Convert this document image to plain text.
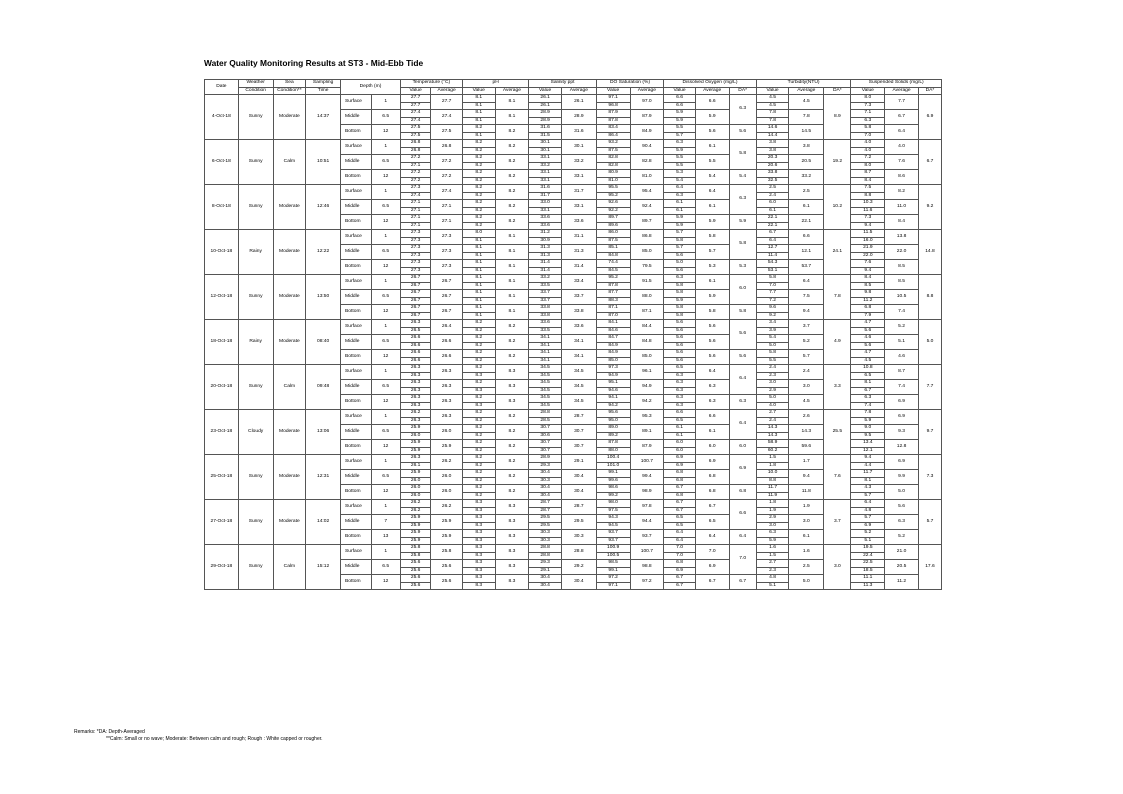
Water Quality Monitoring Results at ST3 - Mid-Ebb Tide
Date	Weather	Sea	Sampling	Depth (m)		Temperature (°C)		pH		Salinity ppt		DO Saturation (%)		Dissolved Oxygen (mg/L)			Turbidity(NTU)			Suspended Solids (mg/L)		
	Condition	Condition**	Time			Value	Average	Value	Average	Value	Average	Value	Average	Value	Average	DA*	Value	Average	DA*	Value	Average	DA*
4-Oct-18	Sunny	Moderate	14:37	Surface	1	27.7	27.7	8.1	8.1	26.1	26.1	97.1	97.0	6.6	6.6	6.3	4.5	4.5	8.9	8.0	7.7	6.9
						27.7		8.1		26.1		96.8		6.6			4.5			7.3		
				Middle	6.5	27.4	27.4	8.1	8.1	28.9	28.9	87.9	87.9	5.9	5.9		7.8	7.8		7.1	6.7	
						27.4		8.1		28.9		87.8		5.9			7.8			6.3		
				Bottom	12	27.5	27.5	8.2	8.2	31.6	31.6	83.4	84.9	5.5	5.6	5.6	14.6	14.5		5.8	6.4	
						27.5		8.1		31.5		86.4		5.7			14.4			7.0		
6-Oct-18	Sunny	Calm	10:51	Surface	1	26.8	26.8	8.2	8.2	30.1	30.1	93.2	90.4	6.3	6.1	5.8	3.8	3.8	19.2	4.0	4.0	6.7
						26.8		8.2		30.1		87.5		5.9			3.8			4.0		
				Middle	6.5	27.2	27.2	8.2	8.2	33.1	33.2	82.8	82.8	5.5	5.5		20.3	20.5		7.2	7.6	
						27.1		8.2		33.2		82.8		5.5			20.6			8.0		
				Bottom	12	27.2	27.2	8.2	8.2	33.1	33.1	80.9	81.0	5.3	5.4	5.4	33.8	33.2		8.7	8.6	
						27.2		8.2		33.1		81.0		5.4			32.5			8.4		
8-Oct-18	Sunny	Moderate	12:46	Surface	1	27.3	27.4	8.2	8.2	31.6	31.7	95.5	95.4	6.4	6.4	6.3	2.5	2.5	10.2	7.5	8.2	9.2
						27.4		8.2		31.7		95.2		6.3			2.4			8.8		
				Middle	6.5	27.1	27.1	8.2	8.2	33.0	33.1	92.6	92.4	6.1	6.1		6.0	6.1		10.3	11.0	
						27.1		8.2		33.1		92.2		6.1			6.1			11.6		
				Bottom	12	27.1	27.1	8.2	8.2	33.6	33.6	89.7	89.7	5.9	5.9	5.9	22.1	22.1		7.3	8.4	
						27.1		8.2		33.6		89.6		5.9			22.1			9.4		
10-Oct-18	Rainy	Moderate	12:22	Surface	1	27.3	27.3	8.0	8.1	31.2	31.1	86.0	86.8	5.7	5.8	5.8	6.7	6.6	24.1	11.5	13.8	14.8
						27.3		8.1		30.9		87.5		5.8			6.4			16.0		
				Middle	6.5	27.3	27.3	8.1	8.1	31.3	31.3	85.1	85.0	5.7	5.7		12.7	12.1		21.9	22.0	
						27.3		8.1		31.3		84.8		5.6			11.4			22.0		
				Bottom	12	27.3	27.3	8.1	8.1	31.4	31.4	74.4	79.5	5.0	5.3	5.3	54.3	53.7		7.6	8.5	
						27.3		8.1		31.4		84.5		5.6			53.1			9.4		
12-Oct-18	Sunny	Moderate	13:50	Surface	1	26.7	26.7	8.1	8.1	33.2	33.4	95.2	91.5	6.3	6.1	6.0	5.8	6.4	7.8	8.4	8.5	8.8
						26.7		8.1		33.5		87.8		5.8			7.0			8.5		
				Middle	6.5	26.7	26.7	8.1	8.1	33.7	33.7	87.7	88.0	5.8	5.9		7.7	7.5		9.8	10.5	
						26.7		8.1		33.7		88.3		5.9			7.2			11.2		
				Bottom	12	26.7	26.7	8.1	8.1	33.8	33.8	87.1	87.1	5.8	5.8	5.8	9.6	9.4		6.8	7.4	
						26.7		8.1		33.8		87.0		5.8			9.2			7.9		
18-Oct-18	Rainy	Moderate	08:40	Surface	1	26.3	26.4	8.2	8.2	33.6	33.6	84.1	84.4	5.6	5.6	5.6	3.4	3.7	4.9	4.7	5.2	5.0
						26.5		8.2		33.5		84.6		5.6			3.9			5.6		
				Middle	6.5	26.6	26.6	8.2	8.2	34.1	34.1	84.7	84.8	5.6	5.6		5.4	5.2		4.6	5.1	
						26.6		8.2		34.1		84.9		5.6			5.0			5.6		
				Bottom	12	26.6	26.6	8.2	8.2	34.1	34.1	84.9	85.0	5.6	5.6	5.6	5.8	5.7		4.7	4.6	
						26.6		8.2		34.1		85.0		5.6			5.5			4.5		
20-Oct-18	Sunny	Calm	09:48	Surface	1	26.3	26.3	8.2	8.3	34.5	34.5	97.3	96.1	6.5	6.4	6.4	2.4	2.4	3.3	10.8	8.7	7.7
						26.3		8.3		34.5		94.9		6.3			2.3			6.5		
				Middle	6.5	26.3	26.3	8.2	8.3	34.5	34.5	95.1	94.9	6.3	6.3		3.0	3.0		8.1	7.4	
						26.3		8.3		34.5		94.6		6.3			2.9			6.7		
				Bottom	12	26.3	26.3	8.2	8.3	34.5	34.5	94.1	94.2	6.3	6.3	6.3	5.0	4.5		6.3	6.9	
						26.3		8.3		34.5		94.2		6.3			4.0			7.4		
23-Oct-18	Cloudy	Moderate	13:06	Surface	1	26.2	26.3	8.2	8.2	28.8	28.7	95.6	95.3	6.6	6.6	6.4	2.7	2.6	25.5	7.8	6.9	9.7
						26.3		8.2		28.5		95.0		6.5			2.4			5.9		
				Middle	6.5	25.9	26.0	8.2	8.2	30.7	30.7	89.0	89.1	6.1	6.1		14.3	14.3		9.0	9.3	
						26.0		8.2		30.6		89.2		6.1			14.3			9.5		
				Bottom	12	25.9	25.9	8.2	8.2	30.7	30.7	87.8	87.9	6.0	6.0	6.0	58.9	59.6		13.4	12.8	
						25.9		8.2		30.7		88.0		6.0			60.2			12.1		
25-Oct-18	Sunny	Moderate	12:31	Surface	1	26.3	26.2	8.2	8.2	28.9	29.1	100.4	100.7	6.9	6.9	6.9	1.5	1.7	7.6	9.4	6.9	7.3
						26.1		8.2		29.3		101.0		6.9			1.8			4.4		
				Middle	6.5	25.9	26.0	8.2	8.2	30.4	30.4	99.1	99.4	6.8	6.8		10.0	9.4		11.7	9.9	
						26.0		8.2		30.3		99.6		6.8			8.8			8.1		
				Bottom	12	26.0	26.0	8.2	8.2	30.4	30.4	98.6	98.9	6.7	6.8	6.8	11.7	11.8		4.3	5.0	
						26.0		8.2		30.4		99.2		6.8			11.9			5.7		
27-Oct-18	Sunny	Moderate	14:02	Surface	1	26.2	26.2	8.3	8.3	28.7	28.7	98.0	97.8	6.7	6.7	6.6	1.8	1.9	3.7	6.4	5.6	5.7
						26.2		8.3		28.7		97.5		6.7			1.9			4.8		
				Middle	7	25.9	25.9	8.3	8.3	29.5	29.5	94.3	94.4	6.5	6.5		2.9	3.0		5.7	6.3	
						25.9		8.3		29.5		94.5		6.5			3.0			6.9		
				Bottom	13	25.9	25.9	8.3	8.3	30.3	30.3	93.7	93.7	6.4	6.4	6.4	6.3	6.1		5.2	5.2	
						25.9		8.3		30.3		93.7		6.4			5.9			5.1		
29-Oct-18	Sunny	Calm	15:12	Surface	1	25.8	25.8	8.3	8.3	28.8	28.8	100.9	100.7	7.0	7.0	7.0	1.6	1.6	3.0	19.5	21.0	17.6
						25.8		8.3		28.8		100.5		7.0			1.5			22.4		
				Middle	6.5	25.6	25.6	8.3	8.3	29.3	29.2	98.5	98.8	6.8	6.9		2.7	2.5		22.5	20.5	
						25.6		8.3		29.1		99.1		6.9			2.3			18.5		
				Bottom	12	25.6	25.6	8.3	8.3	30.4	30.4	97.2	97.2	6.7	6.7	6.7	4.8	5.0		11.1	11.2	
						25.6		8.3		30.4		97.1		6.7			5.1			11.3		
Remarks: *DA: Depth-Averaged
**Calm: Small or no wave; Moderate: Between calm and rough; Rough : White capped or rougher.
